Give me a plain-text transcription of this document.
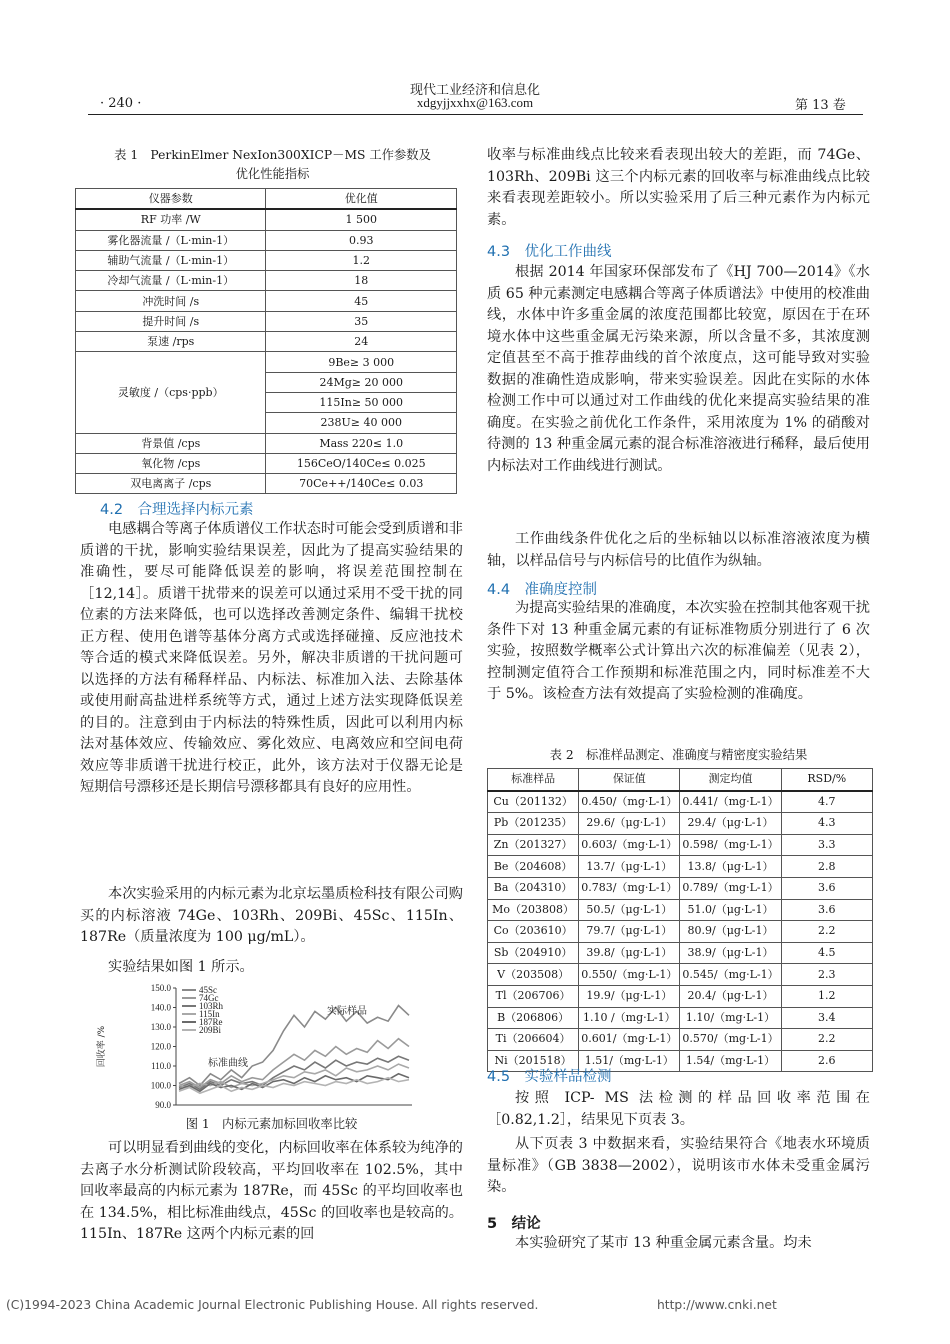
· 240 ·
现代工业经济和信息化
xdgyjjxxhx@163.com	第 13 卷
表 1　PerkinElmer NexIon300XICP－MS 工作参数及
优化性能指标
仪器参数	优化值
RF 功率 /W	1 500
雾化器流量 /（L·min-1）	0.93
辅助气流量 /（L·min-1）	1.2
冷却气流量 /（L·min-1）	18
冲洗时间 /s	45
提升时间 /s	35
泵速 /rps	24
灵敏度 /（cps·ppb）	9Be≥ 3 000
	24Mg≥ 20 000
	115In≥ 50 000
	238U≥ 40 000
背景值 /cps	Mass 220≤ 1.0
氧化物 /cps	156CeO/140Ce≤ 0.025
双电离离子 /cps	70Ce++/140Ce≤ 0.03
4.2　合理选择内标元素
电感耦合等离子体质谱仪工作状态时可能会受到质谱和非质谱的干扰，影响实验结果误差，因此为了提高实验结果的准确性，要尽可能降低误差的影响，将误差范围控制在［12,14］。质谱干扰带来的误差可以通过采用不受干扰的同位素的方法来降低，也可以选择改善测定条件、编辑干扰校正方程、使用色谱等基体分离方式或选择碰撞、反应池技术等合适的模式来降低误差。另外，解决非质谱的干扰问题可以选择的方法有稀释样品、内标法、标准加入法、去除基体或使用耐高盐进样系统等方式，通过上述方法实现降低误差的目的。注意到由于内标法的特殊性质，因此可以利用内标法对基体效应、传输效应、雾化效应、电离效应和空间电荷效应等非质谱干扰进行校正，此外，该方法对于仪器无论是短期信号漂移还是长期信号漂移都具有良好的应用性。
本次实验采用的内标元素为北京坛墨质检科技有限公司购买的内标溶液 74Ge、103Rh、209Bi、45Sc、115In、187Re（质量浓度为 100 μg/mL）。
实验结果如图 1 所示。
150.0
140.0
130.0
120.0
110.0
100.0
90.0
回收率 /%
45Sc
74Gc
103Rh
115In
187Re
209Bi
实际样品
标准曲线
图 1　内标元素加标回收率比较
可以明显看到曲线的变化，内标回收率在体系较为纯净的去离子水分析测试阶段较高，平均回收率在 102.5%，其中回收率最高的内标元素为 187Re，而 45Sc 的平均回收率也在 134.5%，相比标准曲线点，45Sc 的回收率也是较高的。115In、187Re 这两个内标元素的回
收率与标准曲线点比较来看表现出较大的差距，而 74Ge、103Rh、209Bi 这三个内标元素的回收率与标准曲线点比较来看表现差距较小。所以实验采用了后三种元素作为内标元素。
4.3　优化工作曲线
根据 2014 年国家环保部发布了《HJ 700—2014》《水质 65 种元素测定电感耦合等离子体质谱法》中使用的校准曲线，水体中许多重金属的浓度范围都比较宽，原因在于在环境水体中这些重金属无污染来源，所以含量不多，其浓度测定值甚至不高于推荐曲线的首个浓度点，这可能导致对实验数据的准确性造成影响，带来实验误差。因此在实际的水体检测工作中可以通过对工作曲线的优化来提高实验结果的准确度。在实验之前优化工作条件，采用浓度为 1% 的硝酸对待测的 13 种重金属元素的混合标准溶液进行稀释，最后使用内标法对工作曲线进行测试。
工作曲线条件优化之后的坐标轴以以标准溶液浓度为横轴，以样品信号与内标信号的比值作为纵轴。
4.4　准确度控制
为提高实验结果的准确度，本次实验在控制其他客观干扰条件下对 13 种重金属元素的有证标准物质分别进行了 6 次实验，按照数学概率公式计算出六次的标准偏差（见表 2），控制测定值符合工作预期和标准范围之内，同时标准差不大于 5%。该检查方法有效提高了实验检测的准确度。
表 2　标准样品测定、准确度与精密度实验结果
标准样品	保证值	测定均值	RSD/%
Cu（201132）	0.450/（mg·L-1）	0.441/（mg·L-1）	4.7
Pb（201235）	29.6/（μg·L-1）	29.4/（μg·L-1）	4.3
Zn（201327）	0.603/（mg·L-1）	0.598/（mg·L-1）	3.3
Be（204608）	13.7/（μg·L-1）	13.8/（μg·L-1）	2.8
Ba（204310）	0.783/（mg·L-1）	0.789/（mg·L-1）	3.6
Mo（203808）	50.5/（μg·L-1）	51.0/（μg·L-1）	3.6
Co（203610）	79.7/（μg·L-1）	80.9/（μg·L-1）	2.2
Sb（204910）	39.8/（μg·L-1）	38.9/（μg·L-1）	4.5
V（203508）	0.550/（mg·L-1）	0.545/（mg·L-1）	2.3
Tl（206706）	19.9/（μg·L-1）	20.4/（μg·L-1）	1.2
B（206806）	1.10 /（mg·L-1）	1.10/（mg·L-1）	3.4
Ti（206604）	0.601/（mg·L-1）	0.570/（mg·L-1）	2.2
Ni（201518）	1.51/（mg·L-1）	1.54/（mg·L-1）	2.6
4.5　实验样品检测
按照 ICP- MS 法检测的样品回收率范围在［0.82,1.2］，结果见下页表 3。
从下页表 3 中数据来看，实验结果符合《地表水环境质量标准》（GB 3838—2002），说明该市水体未受重金属污染。
5　结论
本实验研究了某市 13 种重金属元素含量。均未
(C)1994-2023 China Academic Journal Electronic Publishing House. All rights reserved.	http://www.cnki.net
